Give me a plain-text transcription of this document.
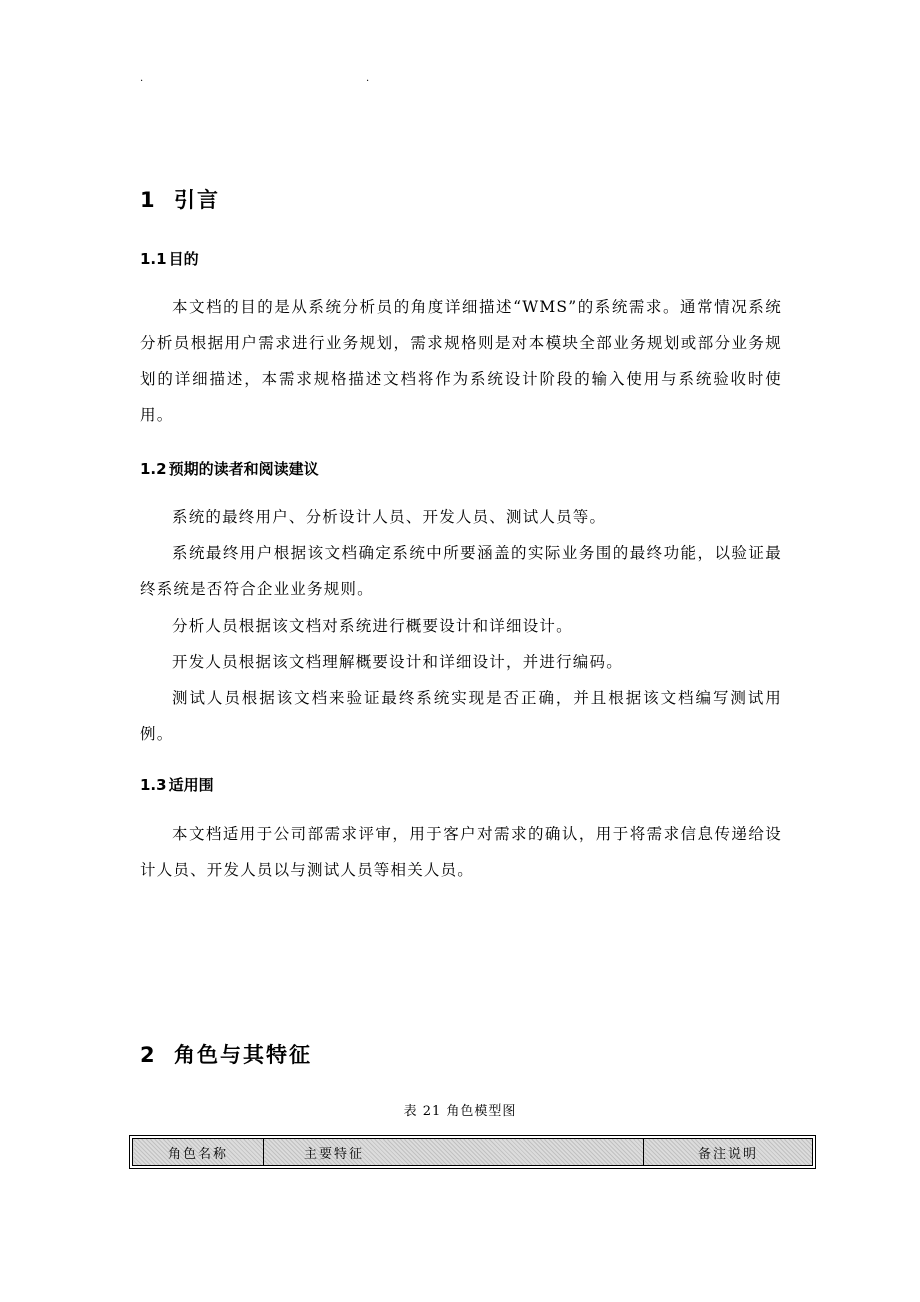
.	.
1 引言
1.1 目的

本文档的目的是从系统分析员的角度详细描述“WMS”的系统需求。通常情况系统分析员根据用户需求进行业务规划，需求规格则是对本模块全部业务规划或部分业务规划的详细描述，本需求规格描述文档将作为系统设计阶段的输入使用与系统验收时使用。

1.2 预期的读者和阅读建议

系统的最终用户、分析设计人员、开发人员、测试人员等。

系统最终用户根据该文档确定系统中所要涵盖的实际业务围的最终功能，以验证最终系统是否符合企业业务规则。

分析人员根据该文档对系统进行概要设计和详细设计。

开发人员根据该文档理解概要设计和详细设计，并进行编码。

测试人员根据该文档来验证最终系统实现是否正确，并且根据该文档编写测试用例。

1.3 适用围

本文档适用于公司部需求评审，用于客户对需求的确认，用于将需求信息传递给设计人员、开发人员以与测试人员等相关人员。

2 角色与其特征
表 21 角色模型图
角色名称	主要特征	备注说明
